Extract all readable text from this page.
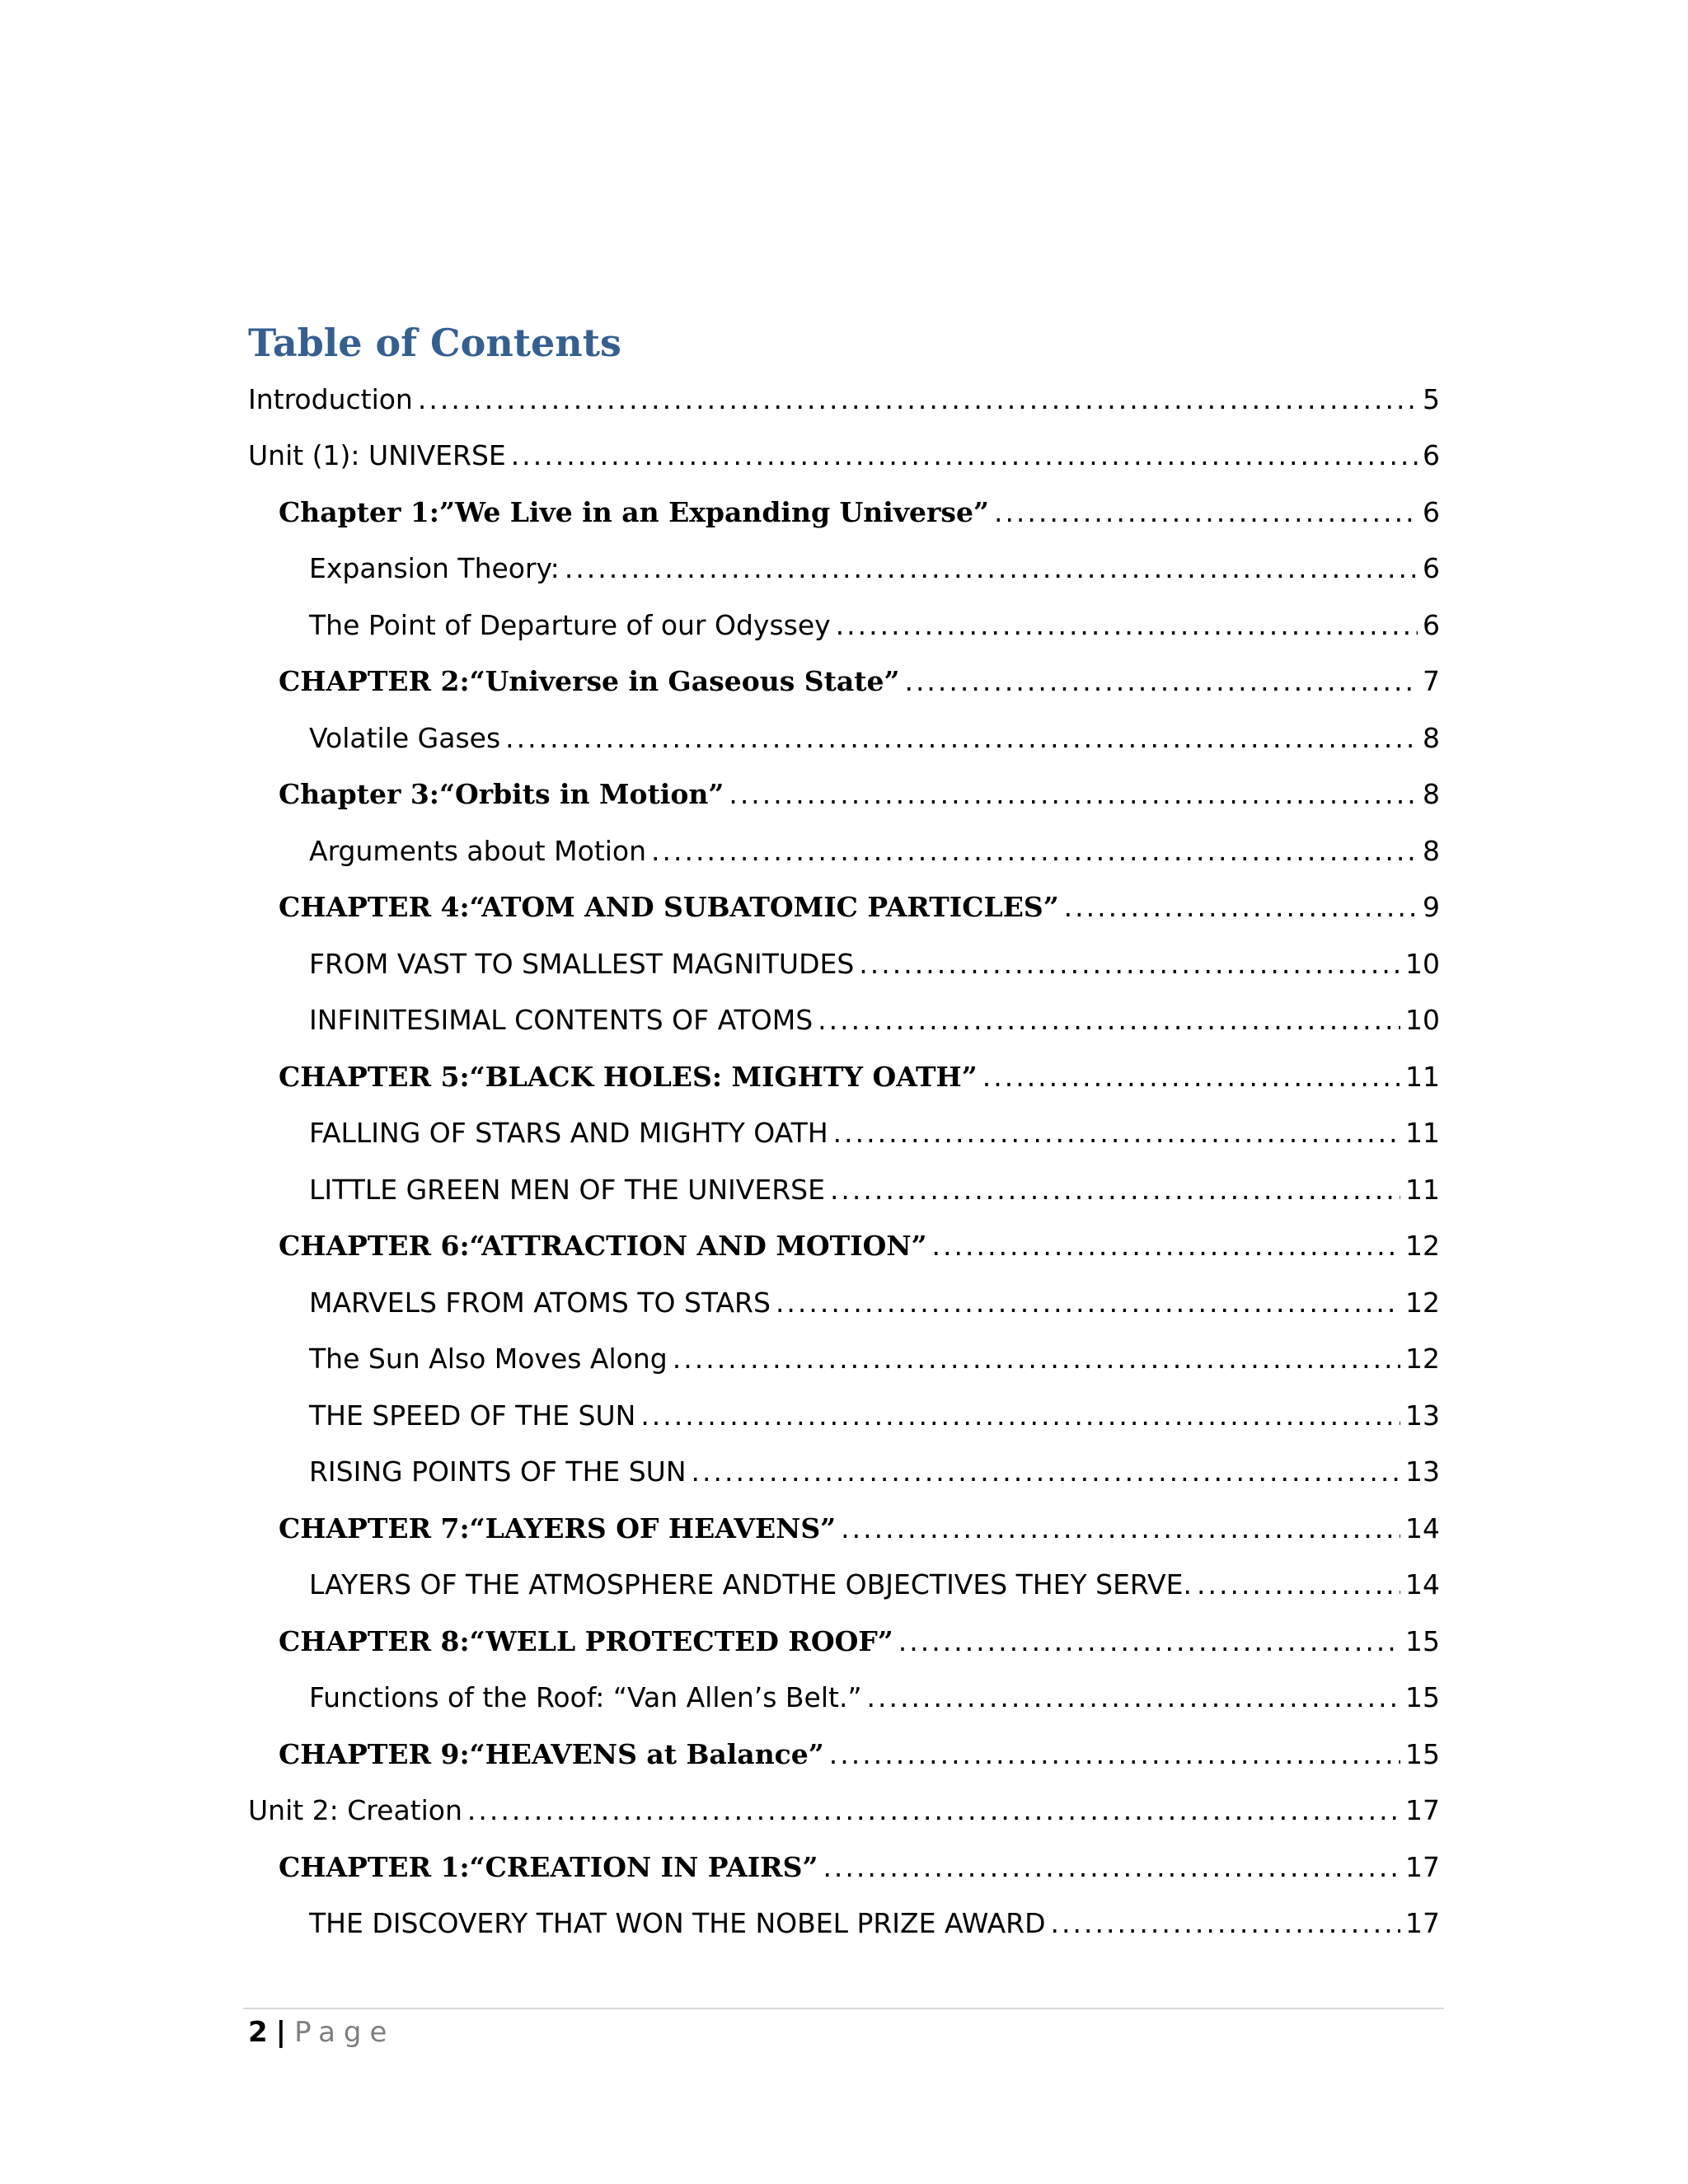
Table of Contents
Introduction .....	5
Unit (1): UNIVERSE .....	6
Chapter 1:”We Live in an Expanding Universe” .....	6
Expansion Theory: .....	6
The Point of Departure of our Odyssey .....	6
CHAPTER 2:“Universe in Gaseous State” .....	7
Volatile Gases .....	8
Chapter 3:“Orbits in Motion” .....	8
Arguments about Motion .....	8
CHAPTER 4:“ATOM AND SUBATOMIC PARTICLES” .....	9
FROM VAST TO SMALLEST MAGNITUDES .....	10
INFINITESIMAL CONTENTS OF ATOMS .....	10
CHAPTER 5:“BLACK HOLES: MIGHTY OATH” .....	11
FALLING OF STARS AND MIGHTY OATH .....	11
LITTLE GREEN MEN OF THE UNIVERSE .....	11
CHAPTER 6:“ATTRACTION AND MOTION” .....	12
MARVELS FROM ATOMS TO STARS .....	12
The Sun Also Moves Along .....	12
THE SPEED OF THE SUN .....	13
RISING POINTS OF THE SUN .....	13
CHAPTER 7:“LAYERS OF HEAVENS” .....	14
LAYERS OF THE ATMOSPHERE ANDTHE OBJECTIVES THEY SERVE. .....	14
CHAPTER 8:“WELL PROTECTED ROOF” .....	15
Functions of the Roof: “Van Allen’s Belt.” .....	15
CHAPTER 9:“HEAVENS at Balance” .....	15
Unit 2: Creation .....	17
CHAPTER 1:“CREATION IN PAIRS” .....	17
THE DISCOVERY THAT WON THE NOBEL PRIZE AWARD .....	17
2 | Page
